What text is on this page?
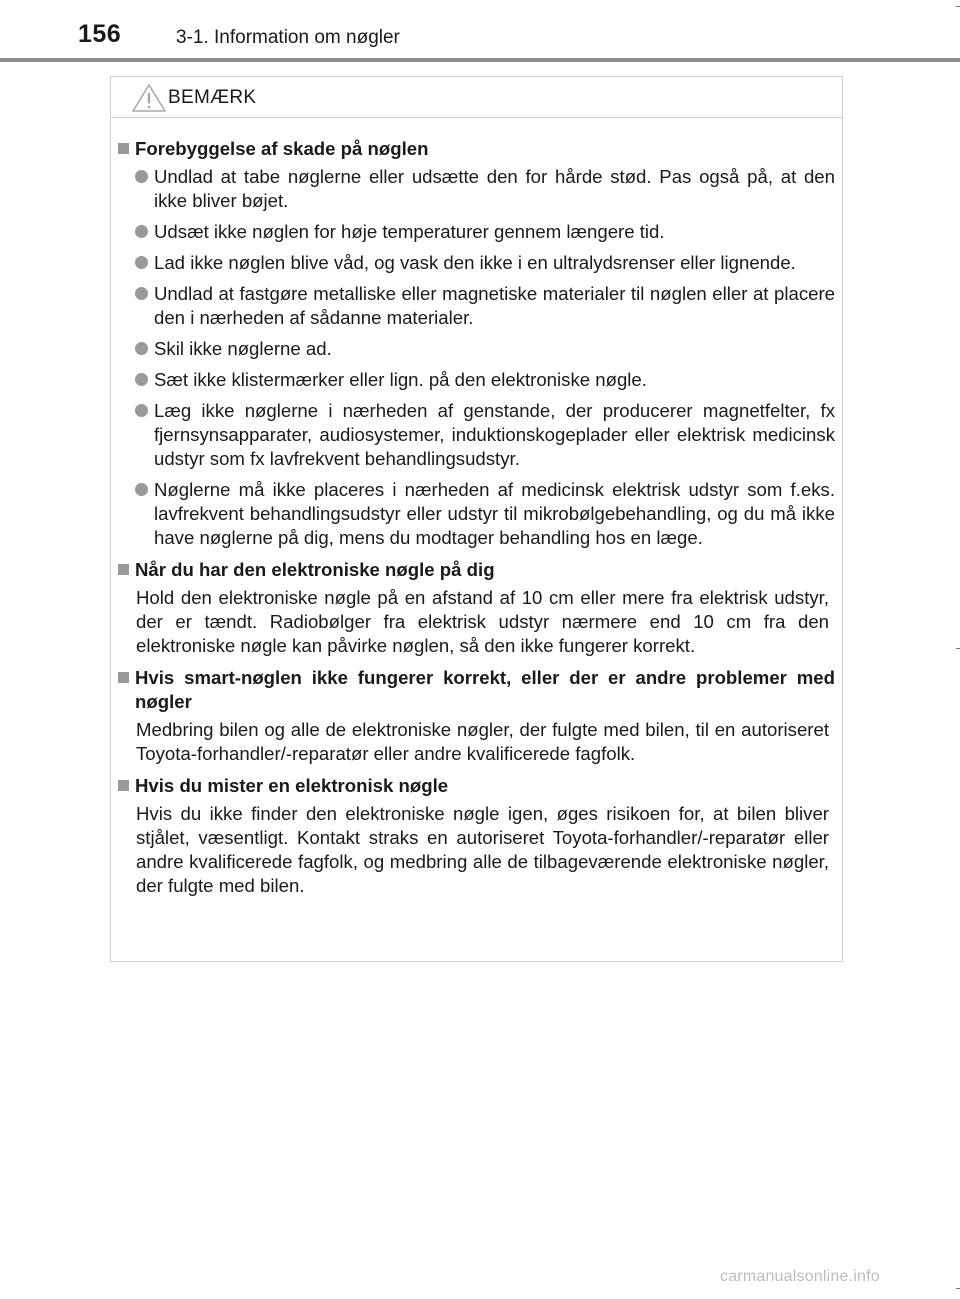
156	3-1. Information om nøgler
BEMÆRK
Forebyggelse af skade på nøglen
Undlad at tabe nøglerne eller udsætte den for hårde stød. Pas også på, at den ikke bliver bøjet.
Udsæt ikke nøglen for høje temperaturer gennem længere tid.
Lad ikke nøglen blive våd, og vask den ikke i en ultralydsrenser eller lignende.
Undlad at fastgøre metalliske eller magnetiske materialer til nøglen eller at placere den i nærheden af sådanne materialer.
Skil ikke nøglerne ad.
Sæt ikke klistermærker eller lign. på den elektroniske nøgle.
Læg ikke nøglerne i nærheden af genstande, der producerer magnetfelter, fx fjernsynsapparater, audiosystemer, induktionskogeplader eller elektrisk medicinsk udstyr som fx lavfrekvent behandlingsudstyr.
Nøglerne må ikke placeres i nærheden af medicinsk elektrisk udstyr som f.eks. lavfrekvent behandlingsudstyr eller udstyr til mikrobølgebehandling, og du må ikke have nøglerne på dig, mens du modtager behandling hos en læge.
Når du har den elektroniske nøgle på dig
Hold den elektroniske nøgle på en afstand af 10 cm eller mere fra elektrisk udstyr, der er tændt. Radiobølger fra elektrisk udstyr nærmere end 10 cm fra den elektroniske nøgle kan påvirke nøglen, så den ikke fungerer korrekt.
Hvis smart-nøglen ikke fungerer korrekt, eller der er andre problemer med nøgler
Medbring bilen og alle de elektroniske nøgler, der fulgte med bilen, til en autoriseret Toyota-forhandler/-reparatør eller andre kvalificerede fagfolk.
Hvis du mister en elektronisk nøgle
Hvis du ikke finder den elektroniske nøgle igen, øges risikoen for, at bilen bliver stjålet, væsentligt. Kontakt straks en autoriseret Toyota-forhandler/-reparatør eller andre kvalificerede fagfolk, og medbring alle de tilbageværende elektroniske nøgler, der fulgte med bilen.
carmanualsonline.info
